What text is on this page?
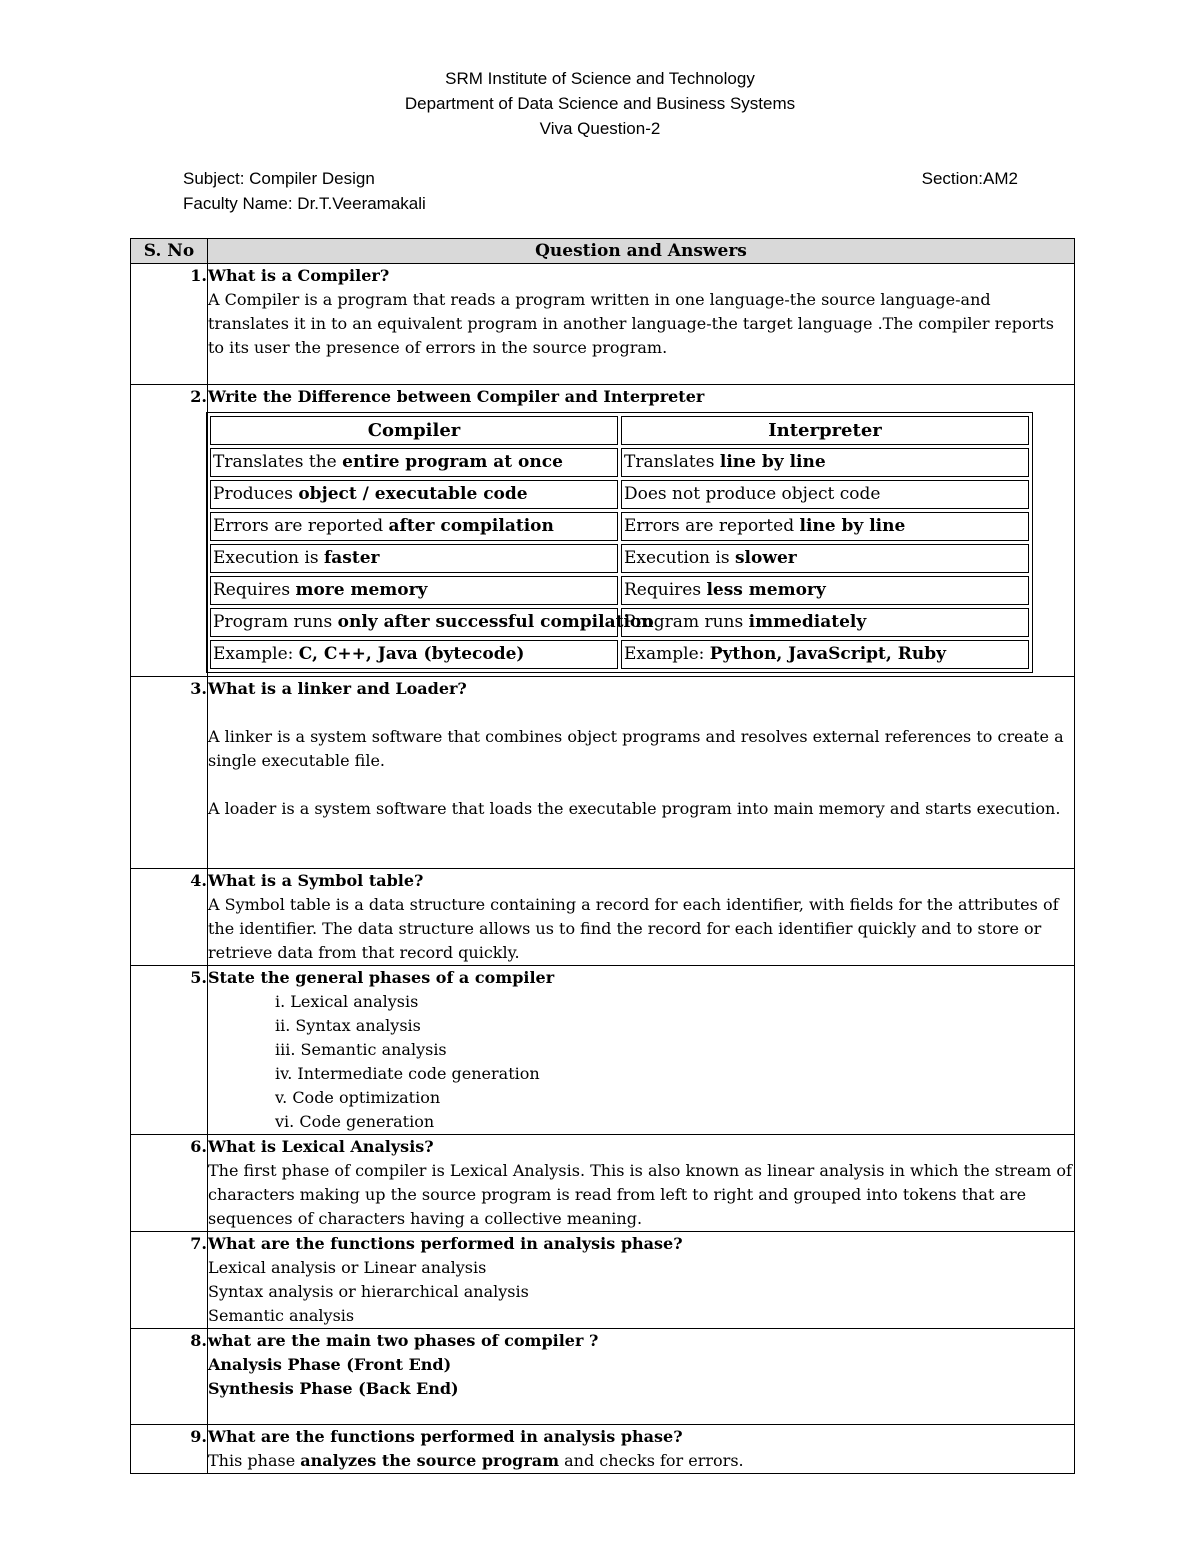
SRM Institute of Science and Technology
Department of Data Science and Business Systems
Viva Question-2
Subject: Compiler Design	Section:AM2
Faculty Name: Dr.T.Veeramakali
S. No	Question and Answers
1.	What is a Compiler?
A Compiler is a program that reads a program written in one language-the source language-and translates it in to an equivalent program in another language-the target language .The compiler reports to its user the presence of errors in the source program.

2.	Write the Difference between Compiler and Interpreter
Compiler	Interpreter
Translates the entire program at once	Translates line by line
Produces object / executable code	Does not produce object code
Errors are reported after compilation	Errors are reported line by line
Execution is faster	Execution is slower
Requires more memory	Requires less memory
Program runs only after successful compilation	Program runs immediately
Example: C, C++, Java (bytecode)	Example: Python, JavaScript, Ruby

3.	What is a linker and Loader?
A linker is a system software that combines object programs and resolves external references to create a single executable file.
A loader is a system software that loads the executable program into main memory and starts execution.

4.	What is a Symbol table?
A Symbol table is a data structure containing a record for each identifier, with fields for the attributes of the identifier. The data structure allows us to find the record for each identifier quickly and to store or retrieve data from that record quickly.

5.	State the general phases of a compiler
i. Lexical analysis
ii. Syntax analysis
iii. Semantic analysis
iv. Intermediate code generation
v. Code optimization
vi. Code generation

6.	What is Lexical Analysis?
The first phase of compiler is Lexical Analysis. This is also known as linear analysis in which the stream of characters making up the source program is read from left to right and grouped into tokens that are sequences of characters having a collective meaning.

7.	What are the functions performed in analysis phase?
Lexical analysis or Linear analysis
Syntax analysis or hierarchical analysis
Semantic analysis

8.	what are the main two phases of compiler ?
Analysis Phase (Front End)
Synthesis Phase (Back End)

9.	What are the functions performed in analysis phase?
This phase analyzes the source program and checks for errors.
